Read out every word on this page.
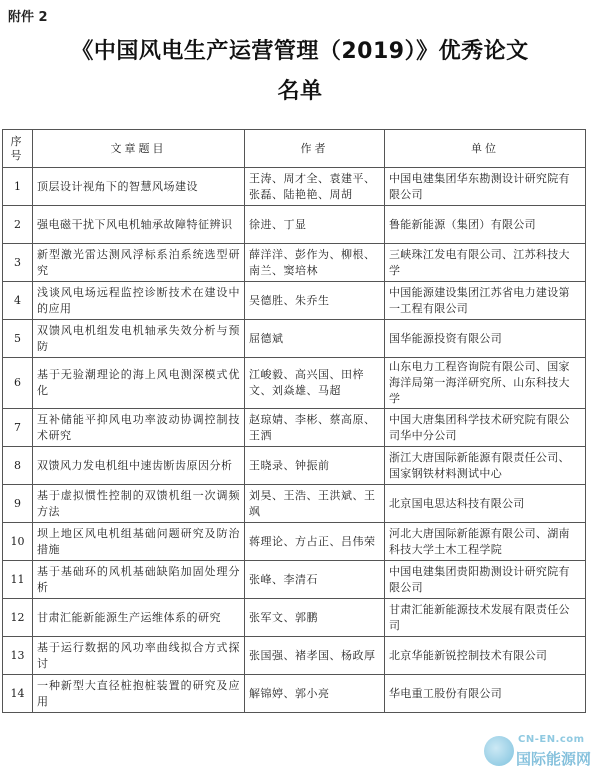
附件 2
《中国风电生产运营管理（2019）》优秀论文
名单
序
号	文章题目	作者	单位
1	顶层设计视角下的智慧风场建设	王涛、周才全、袁建平、张磊、陆艳艳、周胡	中国电建集团华东勘测设计研究院有限公司
2	强电磁干扰下风电机轴承故障特征辨识	徐进、丁显	鲁能新能源（集团）有限公司
3	新型激光雷达测风浮标系泊系统选型研究	薛洋洋、彭作为、柳根、南兰、窦培林	三峡珠江发电有限公司、江苏科技大学
4	浅谈风电场远程监控诊断技术在建设中的应用	吴德胜、朱乔生	中国能源建设集团江苏省电力建设第一工程有限公司
5	双馈风电机组发电机轴承失效分析与预防	屈德斌	国华能源投资有限公司
6	基于无验潮理论的海上风电测深模式优化	江峻毅、高兴国、田梓文、刘焱雄、马超	山东电力工程咨询院有限公司、国家海洋局第一海洋研究所、山东科技大学
7	互补储能平抑风电功率波动协调控制技术研究	赵琼婧、李彬、蔡高原、王洒	中国大唐集团科学技术研究院有限公司华中分公司
8	双馈风力发电机组中速齿断齿原因分析	王晓录、钟振前	浙江大唐国际新能源有限责任公司、国家钢铁材料测试中心
9	基于虚拟惯性控制的双馈机组一次调频方法	刘昊、王浩、王洪斌、王飒	北京国电思达科技有限公司
10	坝上地区风电机组基础问题研究及防治措施	蒋理论、方占正、吕伟荣	河北大唐国际新能源有限公司、湖南科技大学土木工程学院
11	基于基础环的风机基础缺陷加固处理分析	张峰、李清石	中国电建集团贵阳勘测设计研究院有限公司
12	甘肃汇能新能源生产运维体系的研究	张军文、郭鹏	甘肃汇能新能源技术发展有限责任公司
13	基于运行数据的风功率曲线拟合方式探讨	张国强、褚孝国、杨政厚	北京华能新锐控制技术有限公司
14	一种新型大直径桩抱桩装置的研究及应用	解锦婷、郭小亮	华电重工股份有限公司
CN-EN.com
国际能源网
